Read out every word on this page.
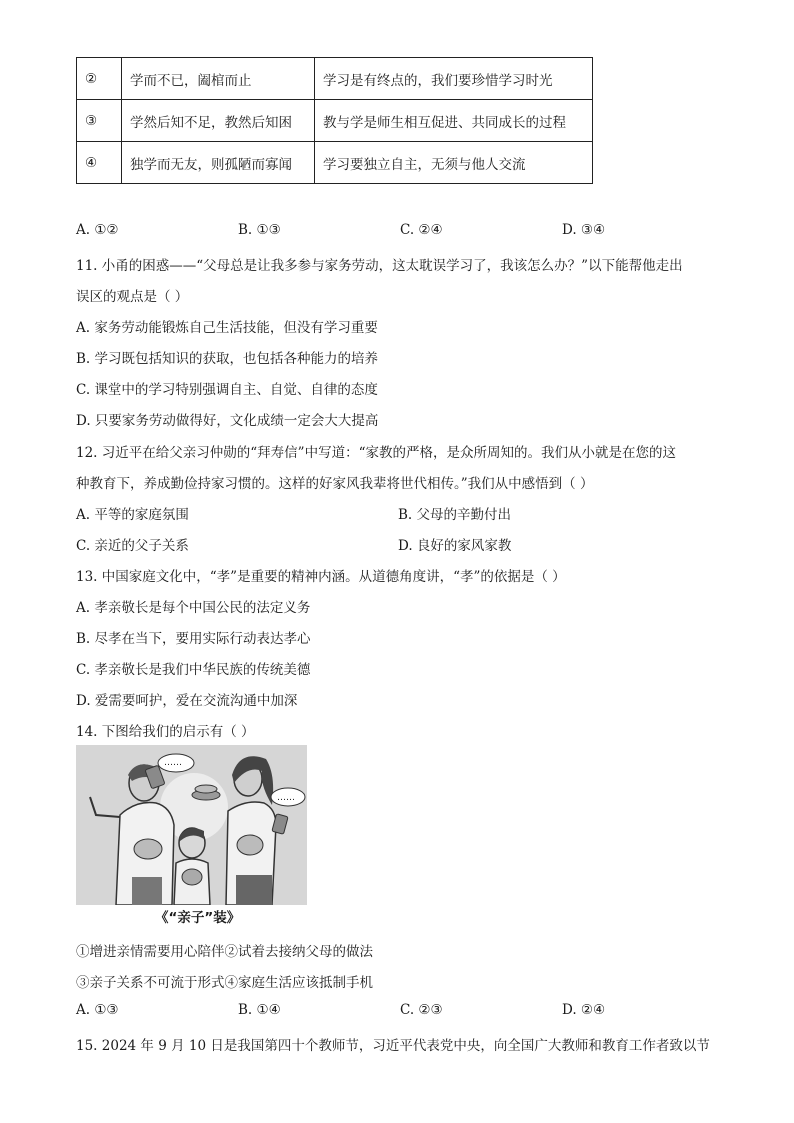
②	学而不已，阖棺而止	学习是有终点的，我们要珍惜学习时光
③	学然后知不足，教然后知困	教与学是师生相互促进、共同成长的过程
④	独学而无友，则孤陋而寡闻	学习要独立自主，无须与他人交流
A. ①②	B. ①③	C. ②④	D. ③④
11. 小甬的困惑——“父母总是让我多参与家务劳动，这太耽误学习了，我该怎么办？”以下能帮他走出
误区的观点是（ ）
A. 家务劳动能锻炼自己生活技能，但没有学习重要
B. 学习既包括知识的获取，也包括各种能力的培养
C. 课堂中的学习特别强调自主、自觉、自律的态度
D. 只要家务劳动做得好，文化成绩一定会大大提高
12. 习近平在给父亲习仲勋的“拜寿信”中写道：“家教的严格，是众所周知的。我们从小就是在您的这
种教育下，养成勤俭持家习惯的。这样的好家风我辈将世代相传。”我们从中感悟到（ ）
A. 平等的家庭氛围	B. 父母的辛勤付出
C. 亲近的父子关系	D. 良好的家风家教
13. 中国家庭文化中，“孝”是重要的精神内涵。从道德角度讲，“孝”的依据是（ ）
A. 孝亲敬长是每个中国公民的法定义务
B. 尽孝在当下，要用实际行动表达孝心
C. 孝亲敬长是我们中华民族的传统美德
D. 爱需要呵护，爱在交流沟通中加深
14. 下图给我们的启示有（ ）
……
……
《“亲子”装》
①增进亲情需要用心陪伴②试着去接纳父母的做法
③亲子关系不可流于形式④家庭生活应该抵制手机
A. ①③	B. ①④	C. ②③	D. ②④
15. 2024 年 9 月 10 日是我国第四十个教师节，习近平代表党中央，向全国广大教师和教育工作者致以节
